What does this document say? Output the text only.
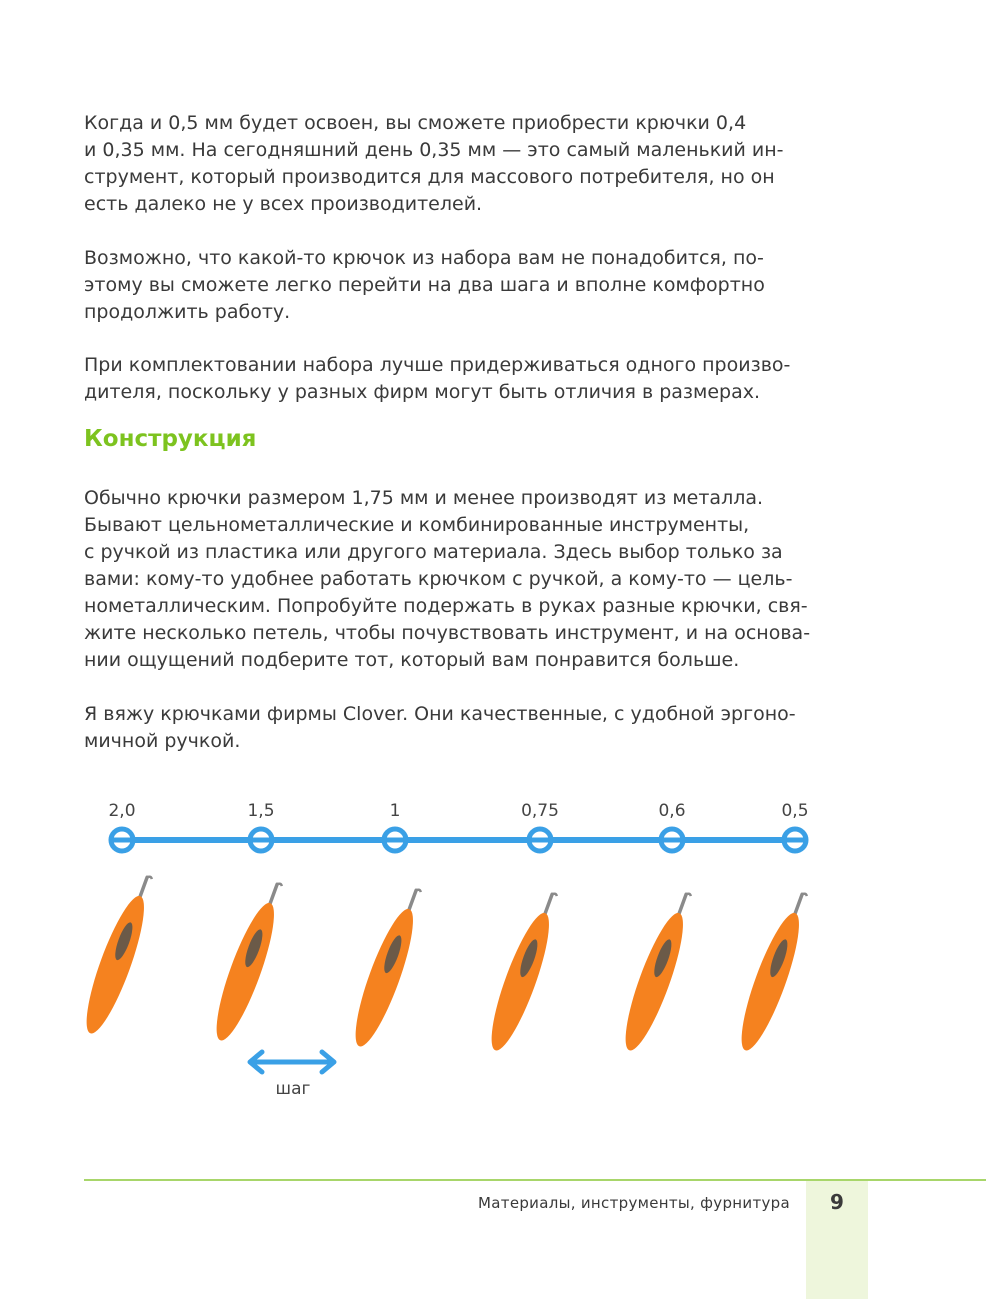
Когда и 0,5 мм будет освоен, вы сможете приобрести крючки 0,4
и 0,35 мм. На сегодняшний день 0,35 мм — это самый маленький ин-
струмент, который производится для массового потребителя, но он
есть далеко не у всех производителей.

Возможно, что какой-то крючок из набора вам не понадобится, по-
этому вы сможете легко перейти на два шага и вполне комфортно
продолжить работу.

При комплектовании набора лучше придерживаться одного произво-
дителя, поскольку у разных фирм могут быть отличия в размерах.

Конструкция

Обычно крючки размером 1,75 мм и менее производят из металла.
Бывают цельнометаллические и комбинированные инструменты,
с ручкой из пластика или другого материала. Здесь выбор только за
вами: кому-то удобнее работать крючком с ручкой, а кому-то — цель-
нометаллическим. Попробуйте подержать в руках разные крючки, свя-
жите несколько петель, чтобы почувствовать инструмент, и на основа-
нии ощущений подберите тот, который вам понравится больше.

Я вяжу крючками фирмы Clover. Они качественные, с удобной эргоно-
мичной ручкой.

2,0	1,5	1	0,75	0,6	0,5
шаг
Материалы, инструменты, фурнитура	9
